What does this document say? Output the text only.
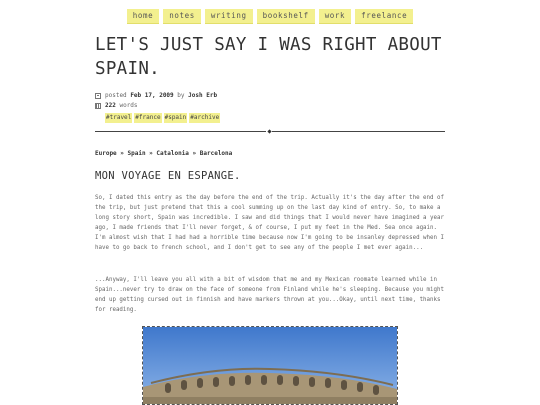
home	notes	writing	bookshelf	work	freelance
LET'S JUST SAY I WAS RIGHT ABOUT SPAIN.
posted
Feb 17, 2009
by
Josh Erb
222
words
#travel #france #spain #archive
Europe » Spain » Catalonia » Barcelona
MON VOYAGE EN ESPANGE.

So, I dated this entry as the day before the end of the trip. Actually it's the day after the end of the trip, but just pretend that this a cool summing up on the last day kind of entry. So, to make a long story short, Spain was incredible. I saw and did things that I would never have imagined a year ago, I made friends that I'll never forget, & of course, I put my feet in the Med. Sea once again. I'm almost wish that I had had a horrible time because now I'm going to be insanley depressed when I have to go back to french school, and I don't get to see any of the people I met ever again...

...Anyway, I'll leave you all with a bit of wisdom that me and my Mexican roomate learned while in Spain...never try to draw on the face of someone from Finland while he's sleeping. Because you might end up getting cursed out in finnish and have markers thrown at you...Okay, until next time, thanks for reading.
